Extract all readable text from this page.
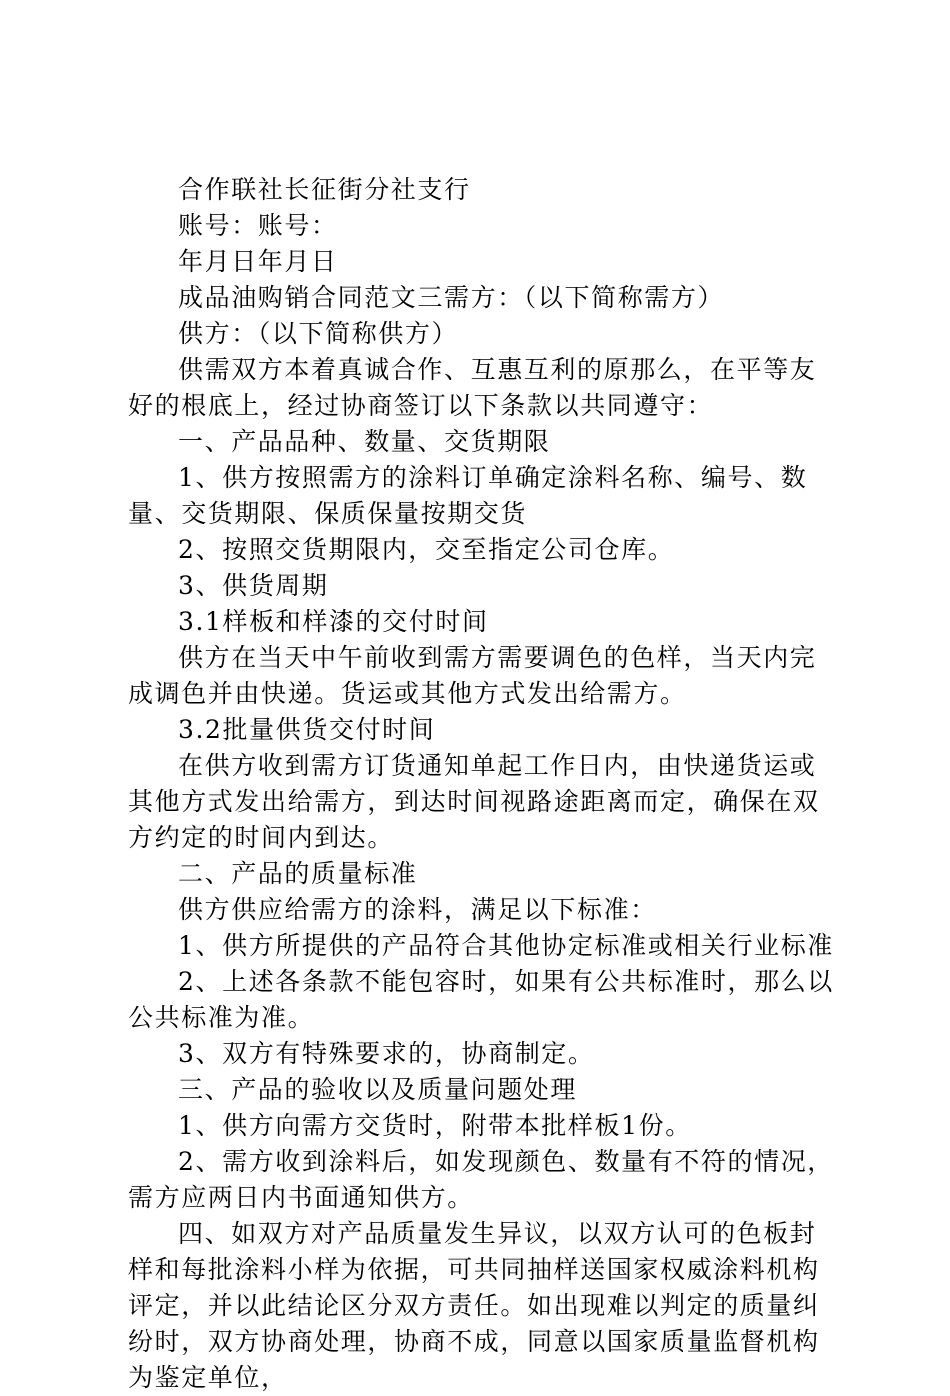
合作联社长征街分社支行

账号：账号：

年月日年月日

成品油购销合同范文三需方：（以下简称需方）

供方：（以下简称供方）

供需双方本着真诚合作、互惠互利的原那么，在平等友好的根底上，经过协商签订以下条款以共同遵守：

一、产品品种、数量、交货期限

1、供方按照需方的涂料订单确定涂料名称、编号、数量、交货期限、保质保量按期交货

2、按照交货期限内，交至指定公司仓库。

3、供货周期

3.1样板和样漆的交付时间

供方在当天中午前收到需方需要调色的色样，当天内完成调色并由快递。货运或其他方式发出给需方。

3.2批量供货交付时间

在供方收到需方订货通知单起工作日内，由快递货运或其他方式发出给需方，到达时间视路途距离而定，确保在双方约定的时间内到达。

二、产品的质量标准

供方供应给需方的涂料，满足以下标准：

1、供方所提供的产品符合其他协定标准或相关行业标准

2、上述各条款不能包容时，如果有公共标准时，那么以公共标准为准。

3、双方有特殊要求的，协商制定。

三、产品的验收以及质量问题处理

1、供方向需方交货时，附带本批样板1份。

2、需方收到涂料后，如发现颜色、数量有不符的情况，需方应两日内书面通知供方。

四、如双方对产品质量发生异议，以双方认可的色板封样和每批涂料小样为依据，可共同抽样送国家权威涂料机构评定，并以此结论区分双方责任。如出现难以判定的质量纠纷时，双方协商处理，协商不成，同意以国家质量监督机构为鉴定单位，
